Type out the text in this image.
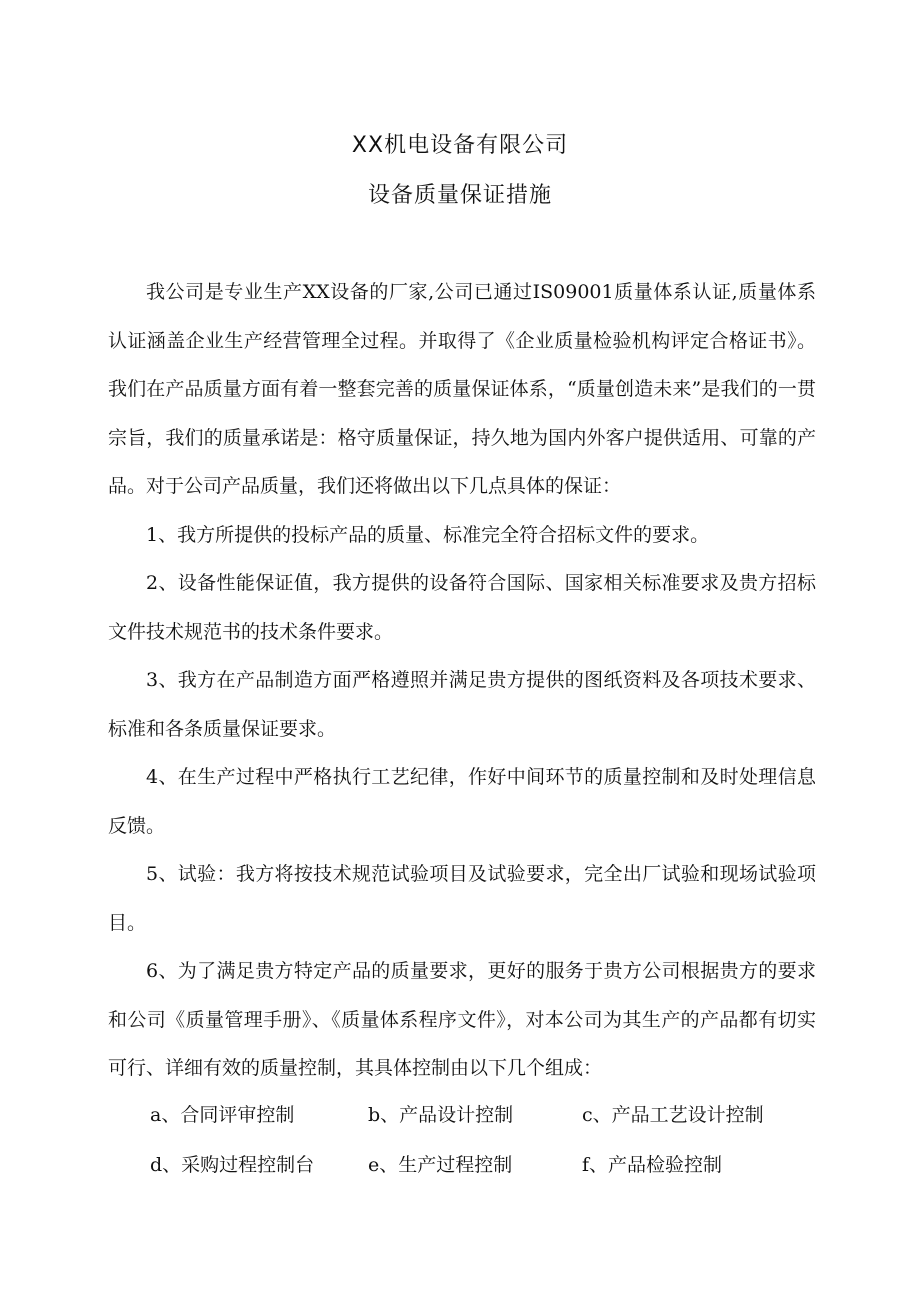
XX机电设备有限公司
设备质量保证措施

我公司是专业生产XX设备的厂家,公司已通过IS09001质量体系认证,质量体系认证涵盖企业生产经营管理全过程。并取得了《企业质量检验机构评定合格证书》。我们在产品质量方面有着一整套完善的质量保证体系，“质量创造未来”是我们的一贯宗旨，我们的质量承诺是：格守质量保证，持久地为国内外客户提供适用、可靠的产品。对于公司产品质量，我们还将做出以下几点具体的保证：

1、我方所提供的投标产品的质量、标准完全符合招标文件的要求。

2、设备性能保证值，我方提供的设备符合国际、国家相关标准要求及贵方招标文件技术规范书的技术条件要求。

3、我方在产品制造方面严格遵照并满足贵方提供的图纸资料及各项技术要求、标准和各条质量保证要求。

4、在生产过程中严格执行工艺纪律，作好中间环节的质量控制和及时处理信息反馈。

5、试验：我方将按技术规范试验项目及试验要求，完全出厂试验和现场试验项目。

6、为了满足贵方特定产品的质量要求，更好的服务于贵方公司根据贵方的要求和公司《质量管理手册》、《质量体系程序文件》，对本公司为其生产的产品都有切实可行、详细有效的质量控制，其具体控制由以下几个组成：

a、合同评审控制	b、产品设计控制	c、产品工艺设计控制
d、采购过程控制台	e、生产过程控制	f、产品检验控制
